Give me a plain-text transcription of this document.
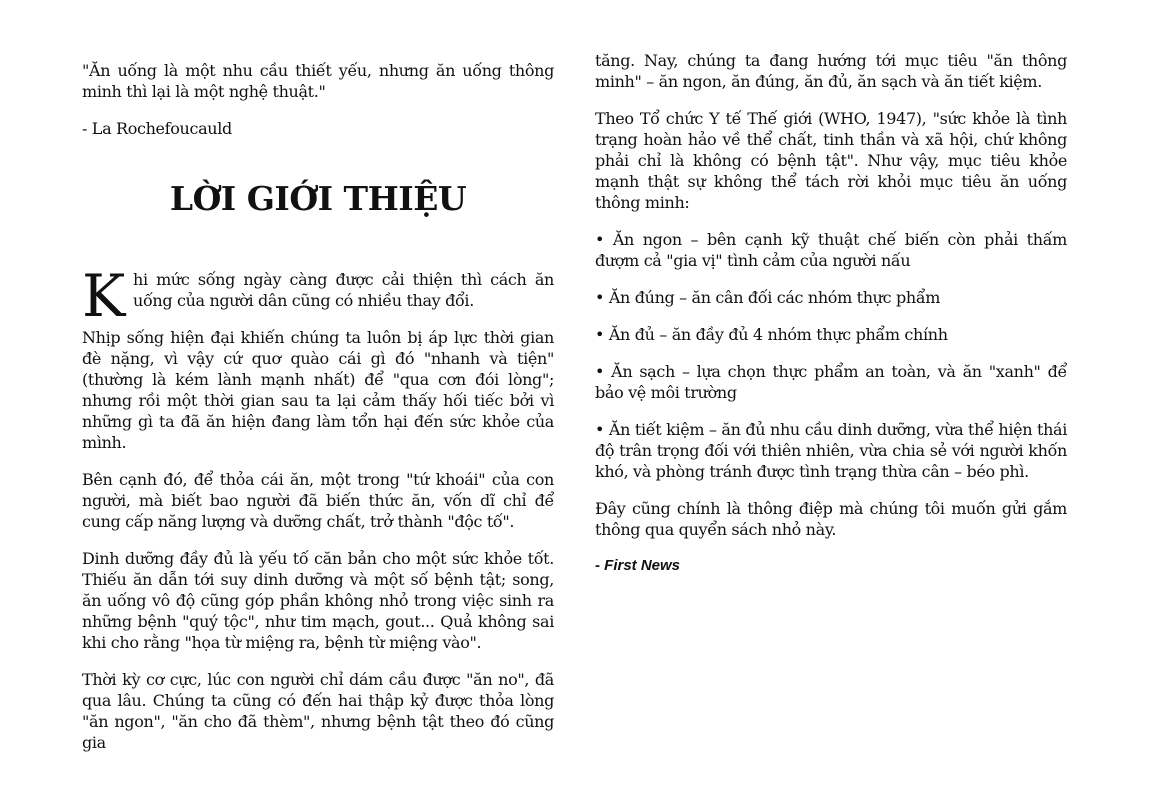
"Ăn uống là một nhu cầu thiết yếu, nhưng ăn uống thông minh thì lại là một nghệ thuật."

- La Rochefoucauld

LỜI GIỚI THIỆU

Khi mức sống ngày càng được cải thiện thì cách ăn uống của người dân cũng có nhiều thay đổi.

Nhịp sống hiện đại khiến chúng ta luôn bị áp lực thời gian đè nặng, vì vậy cứ quơ quào cái gì đó "nhanh và tiện" (thường là kém lành mạnh nhất) để "qua cơn đói lòng"; nhưng rồi một thời gian sau ta lại cảm thấy hối tiếc bởi vì những gì ta đã ăn hiện đang làm tổn hại đến sức khỏe của mình.

Bên cạnh đó, để thỏa cái ăn, một trong "tứ khoái" của con người, mà biết bao người đã biến thức ăn, vốn dĩ chỉ để cung cấp năng lượng và dưỡng chất, trở thành "độc tố".

Dinh dưỡng đầy đủ là yếu tố căn bản cho một sức khỏe tốt. Thiếu ăn dẫn tới suy dinh dưỡng và một số bệnh tật; song, ăn uống vô độ cũng góp phần không nhỏ trong việc sinh ra những bệnh "quý tộc", như tim mạch, gout... Quả không sai khi cho rằng "họa từ miệng ra, bệnh từ miệng vào".

Thời kỳ cơ cực, lúc con người chỉ dám cầu được "ăn no", đã qua lâu. Chúng ta cũng có đến hai thập kỷ được thỏa lòng "ăn ngon", "ăn cho đã thèm", nhưng bệnh tật theo đó cũng gia

tăng. Nay, chúng ta đang hướng tới mục tiêu "ăn thông minh" – ăn ngon, ăn đúng, ăn đủ, ăn sạch và ăn tiết kiệm.

Theo Tổ chức Y tế Thế giới (WHO, 1947), "sức khỏe là tình trạng hoàn hảo về thể chất, tinh thần và xã hội, chứ không phải chỉ là không có bệnh tật". Như vậy, mục tiêu khỏe mạnh thật sự không thể tách rời khỏi mục tiêu ăn uống thông minh:

• Ăn ngon – bên cạnh kỹ thuật chế biến còn phải thấm đượm cả "gia vị" tình cảm của người nấu

• Ăn đúng – ăn cân đối các nhóm thực phẩm

• Ăn đủ – ăn đầy đủ 4 nhóm thực phẩm chính

• Ăn sạch – lựa chọn thực phẩm an toàn, và ăn "xanh" để bảo vệ môi trường

• Ăn tiết kiệm – ăn đủ nhu cầu dinh dưỡng, vừa thể hiện thái độ trân trọng đối với thiên nhiên, vừa chia sẻ với người khốn khó, và phòng tránh được tình trạng thừa cân – béo phì.

Đây cũng chính là thông điệp mà chúng tôi muốn gửi gắm thông qua quyển sách nhỏ này.

- First News
